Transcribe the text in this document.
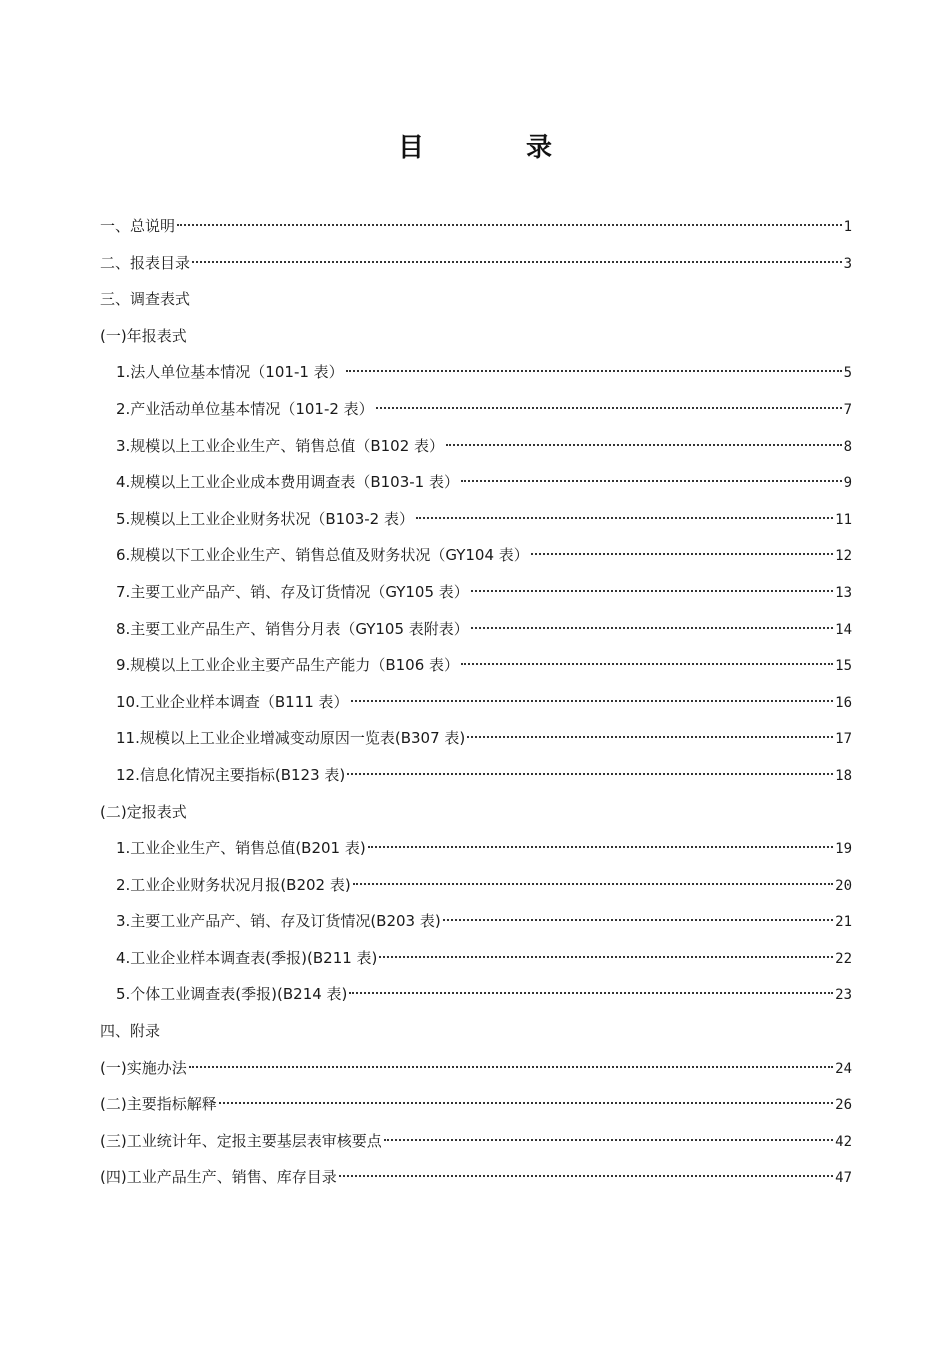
目　录
一、总说明	1
二、报表目录	3
三、调查表式
(一)年报表式
1.法人单位基本情况（101-1 表）	5
2.产业活动单位基本情况（101-2 表）	7
3.规模以上工业企业生产、销售总值（B102 表）	8
4.规模以上工业企业成本费用调查表（B103-1 表）	9
5.规模以上工业企业财务状况（B103-2 表）	11
6.规模以下工业企业生产、销售总值及财务状况（GY104 表）	12
7.主要工业产品产、销、存及订货情况（GY105 表）	13
8.主要工业产品生产、销售分月表（GY105 表附表）	14
9.规模以上工业企业主要产品生产能力（B106 表）	15
10.工业企业样本调查（B111 表）	16
11.规模以上工业企业增减变动原因一览表(B307 表)	17
12.信息化情况主要指标(B123 表)	18
(二)定报表式
1.工业企业生产、销售总值(B201 表)	19
2.工业企业财务状况月报(B202 表)	20
3.主要工业产品产、销、存及订货情况(B203 表)	21
4.工业企业样本调查表(季报)(B211 表)	22
5.个体工业调查表(季报)(B214 表)	23
四、附录
(一)实施办法	24
(二)主要指标解释	26
(三)工业统计年、定报主要基层表审核要点	42
(四)工业产品生产、销售、库存目录	47
